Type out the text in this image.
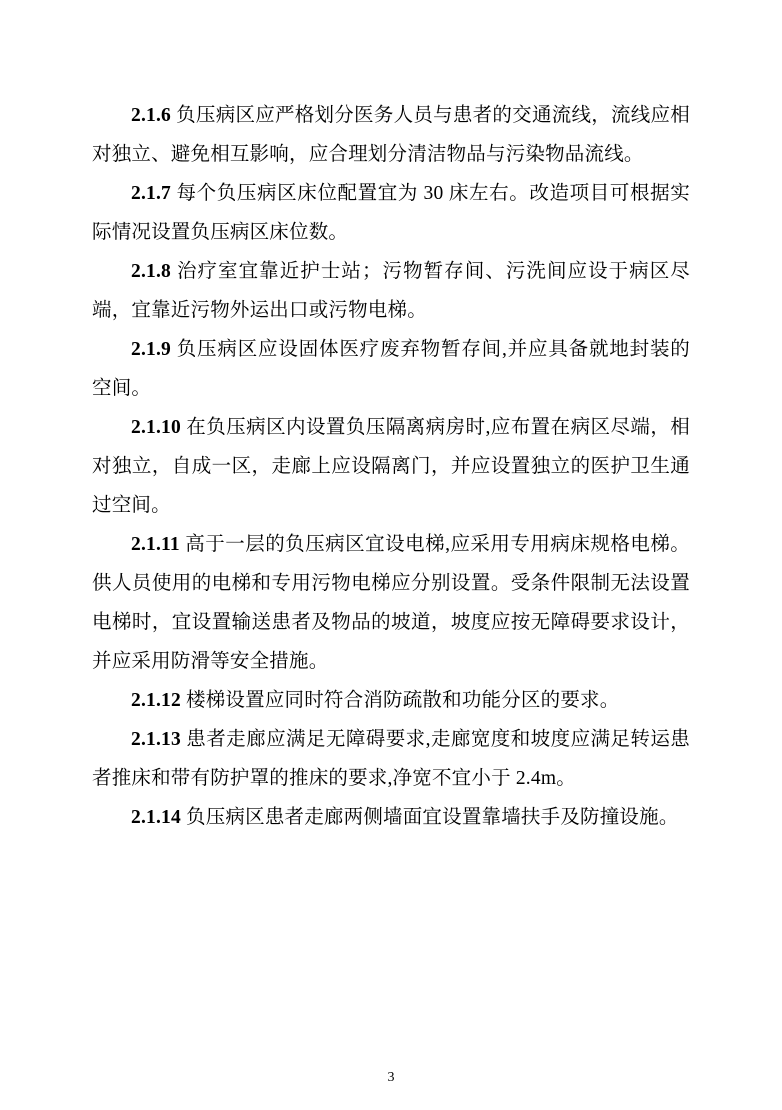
2.1.6 负压病区应严格划分医务人员与患者的交通流线，流线应相对独立、避免相互影响，应合理划分清洁物品与污染物品流线。

2.1.7 每个负压病区床位配置宜为 30 床左右。改造项目可根据实际情况设置负压病区床位数。

2.1.8 治疗室宜靠近护士站；污物暂存间、污洗间应设于病区尽端，宜靠近污物外运出口或污物电梯。

2.1.9 负压病区应设固体医疗废弃物暂存间,并应具备就地封装的空间。

2.1.10 在负压病区内设置负压隔离病房时,应布置在病区尽端，相对独立，自成一区，走廊上应设隔离门，并应设置独立的医护卫生通过空间。

2.1.11 高于一层的负压病区宜设电梯,应采用专用病床规格电梯。供人员使用的电梯和专用污物电梯应分别设置。受条件限制无法设置电梯时，宜设置输送患者及物品的坡道，坡度应按无障碍要求设计，并应采用防滑等安全措施。

2.1.12 楼梯设置应同时符合消防疏散和功能分区的要求。

2.1.13 患者走廊应满足无障碍要求,走廊宽度和坡度应满足转运患者推床和带有防护罩的推床的要求,净宽不宜小于 2.4m。

2.1.14 负压病区患者走廊两侧墙面宜设置靠墙扶手及防撞设施。

3
